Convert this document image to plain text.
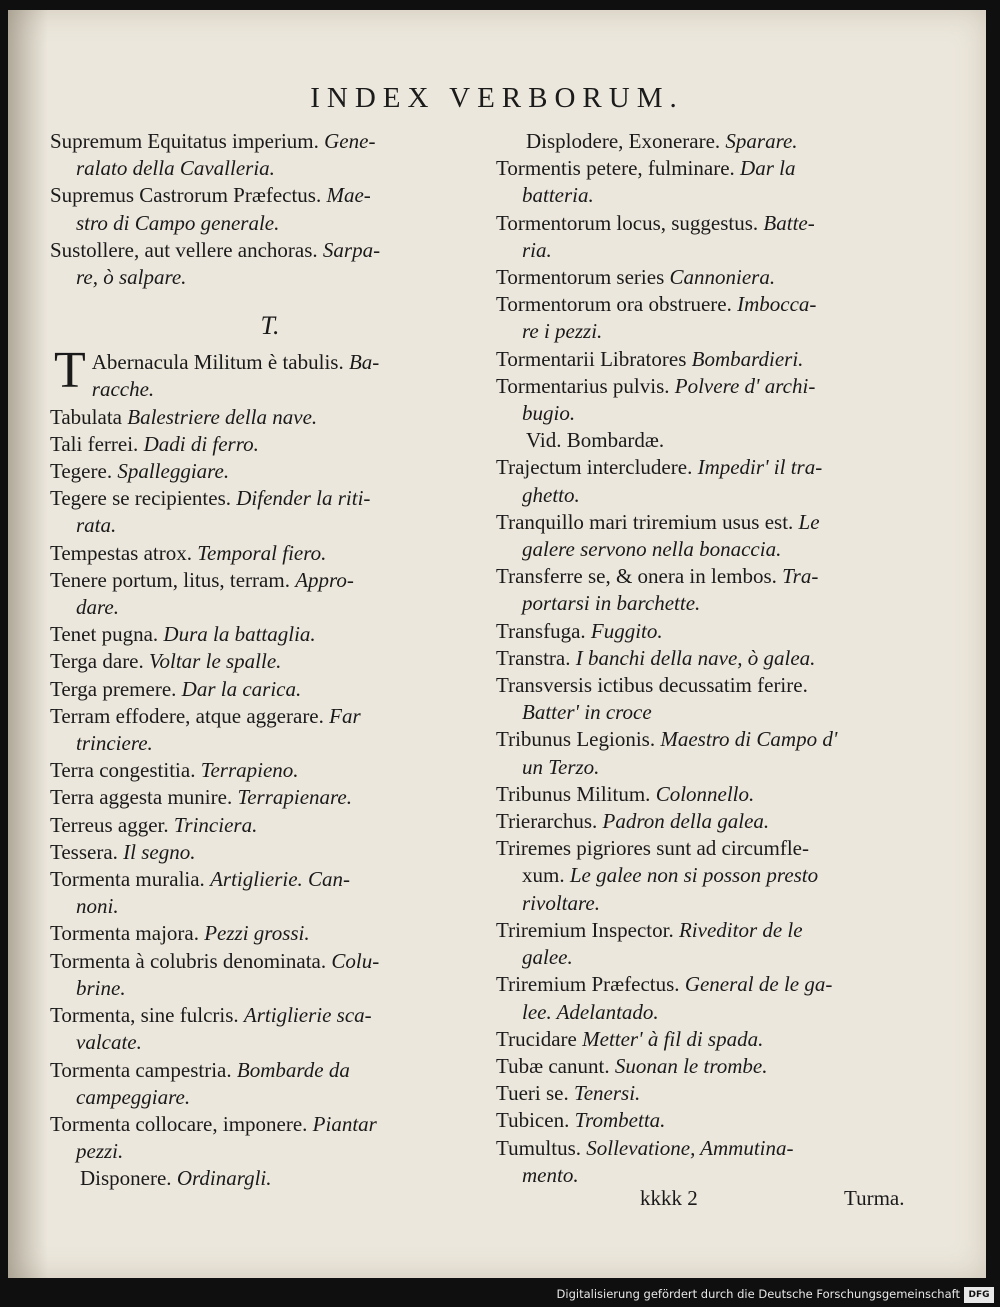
INDEX VERBORUM.
Supremum Equitatus imperium. Gene-
ralato della Cavalleria.
Supremus Castrorum Præfectus. Mae-
stro di Campo generale.
Sustollere, aut vellere anchoras. Sarpa-
re, ò salpare.
T.
T Abernacula Militum è tabulis. Ba-
racche.
Tabulata Balestriere della nave.
Tali ferrei. Dadi di ferro.
Tegere. Spalleggiare.
Tegere se recipientes. Difender la riti-
rata.
Tempestas atrox. Temporal fiero.
Tenere portum, litus, terram. Appro-
dare.
Tenet pugna. Dura la battaglia.
Terga dare. Voltar le spalle.
Terga premere. Dar la carica.
Terram effodere, atque aggerare. Far
trinciere.
Terra congestitia. Terrapieno.
Terra aggesta munire. Terrapienare.
Terreus agger. Trinciera.
Tessera. Il segno.
Tormenta muralia. Artiglierie. Can-
noni.
Tormenta majora. Pezzi grossi.
Tormenta à colubris denominata. Colu-
brine.
Tormenta, sine fulcris. Artiglierie sca-
valcate.
Tormenta campestria. Bombarde da
campeggiare.
Tormenta collocare, imponere. Piantar
pezzi.
Disponere. Ordinargli.
Displodere, Exonerare. Sparare.
Tormentis petere, fulminare. Dar la
batteria.
Tormentorum locus, suggestus. Batte-
ria.
Tormentorum series Cannoniera.
Tormentorum ora obstruere. Imbocca-
re i pezzi.
Tormentarii Libratores Bombardieri.
Tormentarius pulvis. Polvere d' archi-
bugio.
Vid. Bombardæ.
Trajectum intercludere. Impedir' il tra-
ghetto.
Tranquillo mari triremium usus est. Le
galere servono nella bonaccia.
Transferre se, & onera in lembos. Tra-
portarsi in barchette.
Transfuga. Fuggito.
Transtra. I banchi della nave, ò galea.
Transversis ictibus decussatim ferire.
Batter' in croce
Tribunus Legionis. Maestro di Campo d'
un Terzo.
Tribunus Militum. Colonnello.
Trierarchus. Padron della galea.
Triremes pigriores sunt ad circumfle-
xum. Le galee non si posson presto
rivoltare.
Triremium Inspector. Riveditor de le
galee.
Triremium Præfectus. General de le ga-
lee. Adelantado.
Trucidare Metter' à fil di spada.
Tubæ canunt. Suonan le trombe.
Tueri se. Tenersi.
Tubicen. Trombetta.
Tumultus. Sollevatione, Ammutina-
mento.
kkkk 2	Turma.
Digitalisierung gefördert durch die Deutsche Forschungsgemeinschaft DFG
